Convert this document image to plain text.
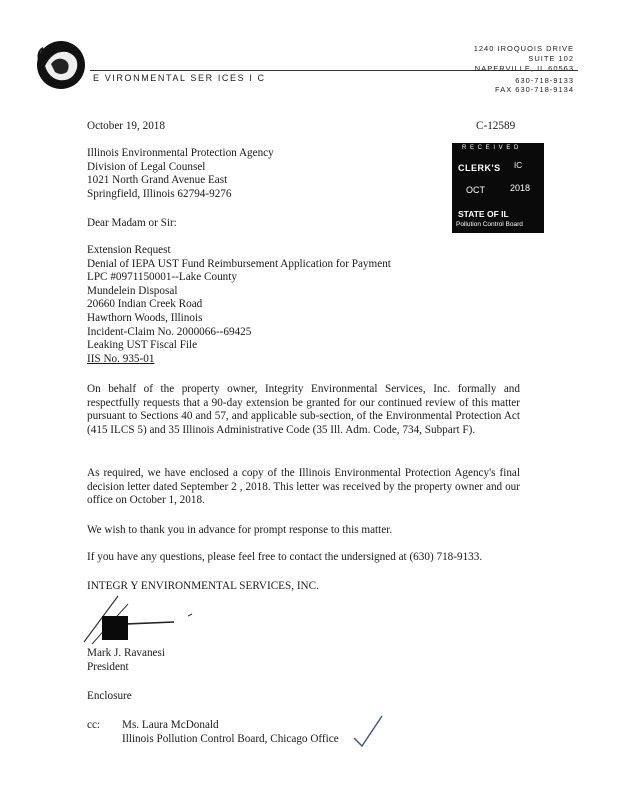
E VIRONMENTAL SER ICES I C
1240 IROQUOIS DRIVE
SUITE 102
NAPERVILLE, IL 60563
630-718-9133
FAX 630-718-9134
October 19, 2018	C-12589
Illinois Environmental Protection Agency
Division of Legal Counsel
1021 North Grand Avenue East
Springfield, Illinois 62794-9276
R E C E I V E D
CLERK'S IC
OCT	2018
STATE OF IL
Pollution Control Board
Dear Madam or Sir:
Extension Request
Denial of IEPA UST Fund Reimbursement Application for Payment
LPC #0971150001--Lake County
Mundelein Disposal
20660 Indian Creek Road
Hawthorn Woods, Illinois
Incident-Claim No. 2000066--69425
Leaking UST Fiscal File
IIS No. 935-01
On behalf of the property owner, Integrity Environmental Services, Inc. formally and respectfully requests that a 90-day extension be granted for our continued review of this matter pursuant to Sections 40 and 57, and applicable sub-section, of the Environmental Protection Act (415 ILCS 5) and 35 Illinois Administrative Code (35 Ill. Adm. Code, 734, Subpart F).
As required, we have enclosed a copy of the Illinois Environmental Protection Agency's final decision letter dated September 2 , 2018. This letter was received by the property owner and our office on October 1, 2018.
We wish to thank you in advance for prompt response to this matter.
If you have any questions, please feel free to contact the undersigned at (630) 718-9133.
INTEGR Y ENVIRONMENTAL SERVICES, INC.
Mark J. Ravanesi
President
Enclosure
cc: Ms. Laura McDonald
Illinois Pollution Control Board, Chicago Office
